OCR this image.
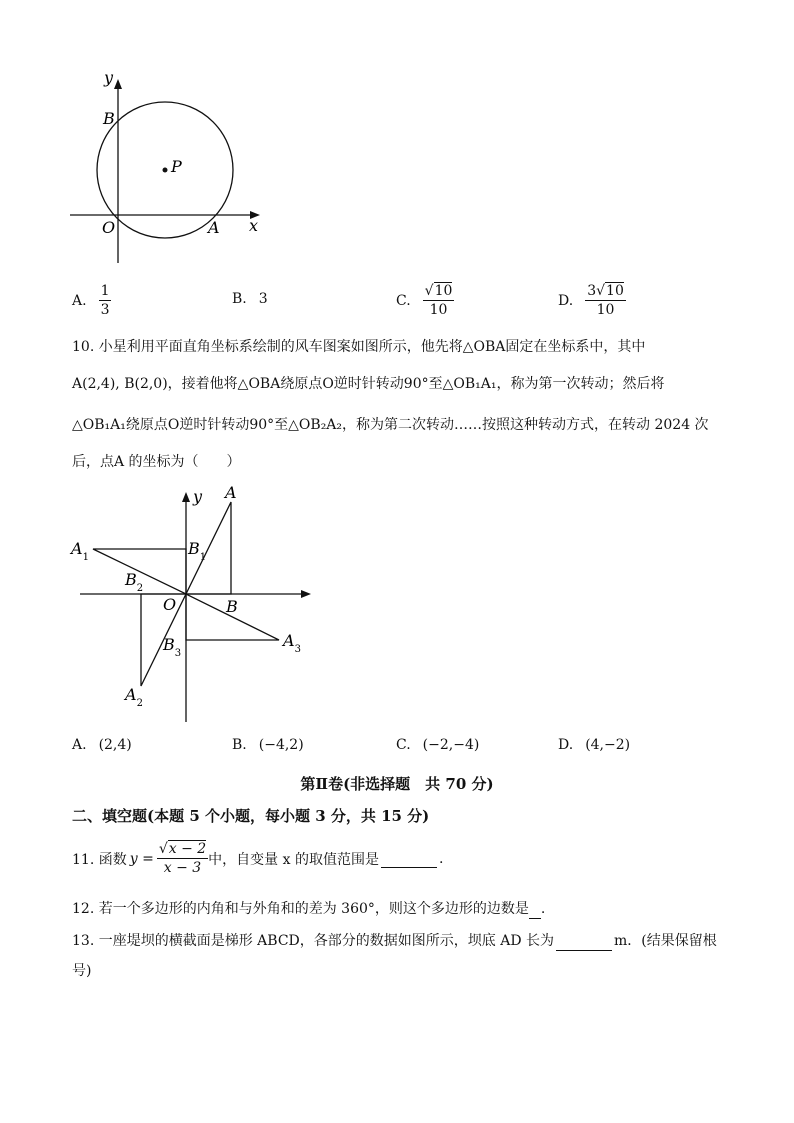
y
B
P
O	A x
A. $\frac{1}{3}$	B. 3	C. $\frac{√10}{10}$	D. $\frac{3√10}{10}$
10. 小星利用平面直角坐标系绘制的风车图案如图所示，他先将△OBA固定在坐标系中，其中
A(2,4), B(2,0)，接着他将△OBA绕原点O逆时针转动90°至△OB₁A₁，称为第一次转动；然后将
△OB₁A₁绕原点O逆时针转动90°至△OB₂A₂，称为第二次转动……按照这种转动方式，在转动 2024 次
后，点A 的坐标为（　　）
y A
$A_1$	$B_1$
$B_2$
O	B
$B_3$
$A_3$
$A_2$
A. (2,4)	B. (−4,2)	C. (−2,−4)	D. (4,−2)
第Ⅱ卷(非选择题　共 70 分)
二、填空题(本题 5 个小题，每小题 3 分，共 15 分)
11. 函数 $y = \frac{√x - 2}{x - 3}$ 中，自变量 x 的取值范围是	.
12. 若一个多边形的内角和与外角和的差为 360°，则这个多边形的边数是 .
13. 一座堤坝的横截面是梯形 ABCD，各部分的数据如图所示，坝底 AD 长为	m．(结果保留根
号)
